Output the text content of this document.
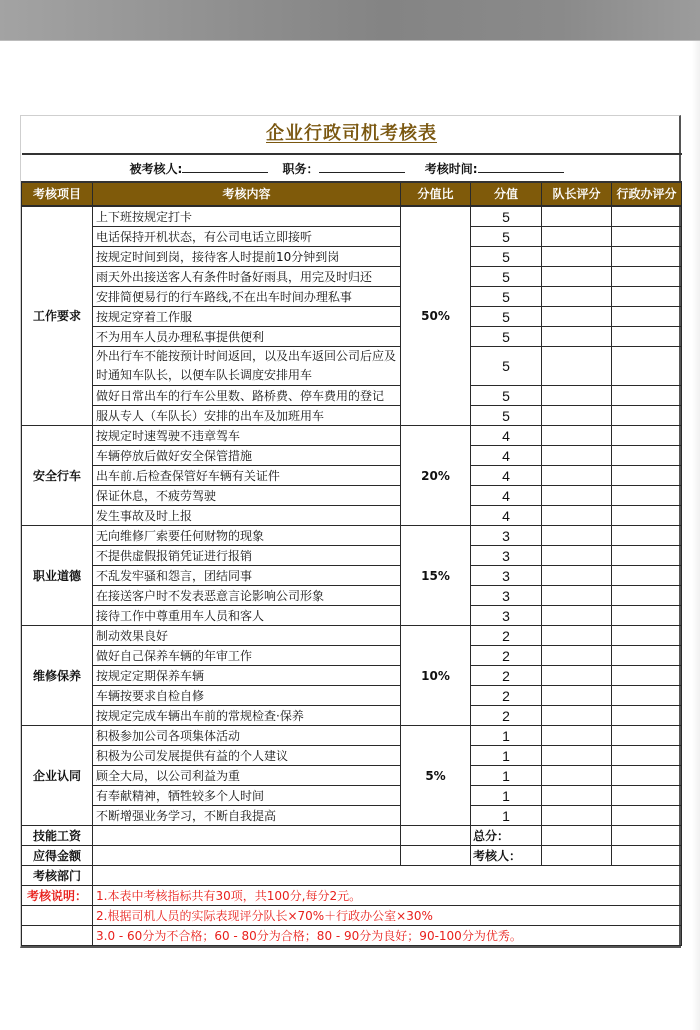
企业行政司机考核表					
被考核人: 职务： 考核时间:					
考核项目	考核内容	分值比	分值	队长评分	行政办评分
工作要求	上下班按规定打卡	50%	5		
	电话保持开机状态，有公司电话立即接听		5		
	按规定时间到岗，接待客人时提前10分钟到岗		5		
	雨天外出接送客人有条件时备好雨具，用完及时归还		5		
	安排简便易行的行车路线,不在出车时间办理私事		5		
	按规定穿着工作服		5		
	不为用车人员办理私事提供便利		5		
	外出行车不能按预计时间返回，以及出车返回公司后应及时通知车队长，以便车队长调度安排用车		5		
	做好日常出车的行车公里数、路桥费、停车费用的登记		5		
	服从专人（车队长）安排的出车及加班用车		5		
安全行车	按规定时速驾驶不违章驾车	20%	4		
	车辆停放后做好安全保管措施		4		
	出车前.后检查保管好车辆有关证件		4		
	保证休息，不疲劳驾驶		4		
	发生事故及时上报		4		
职业道德	无向维修厂索要任何财物的现象	15%	3		
	不提供虚假报销凭证进行报销		3		
	不乱发牢骚和怨言，团结同事		3		
	在接送客户时不发表恶意言论影响公司形象		3		
	接待工作中尊重用车人员和客人		3		
维修保养	制动效果良好	10%	2		
	做好自己保养车辆的年审工作		2		
	按规定定期保养车辆		2		
	车辆按要求自检自修		2		
	按规定完成车辆出车前的常规检查·保养		2		
企业认同	积极参加公司各项集体活动	5%	1		
	积极为公司发展提供有益的个人建议		1		
	顾全大局，以公司利益为重		1		
	有奉献精神，牺牲较多个人时间		1		
	不断增强业务学习，不断自我提高		1		
技能工资			总分：		
应得金额			考核人：		
考核部门					
考核说明：	1.本表中考核指标共有30项，共100分,每分2元。				
	2.根据司机人员的实际表现评分队长×70%＋行政办公室×30%				
	3.0 - 60分为不合格；60 - 80分为合格；80 - 90分为良好；90-100分为优秀。				
